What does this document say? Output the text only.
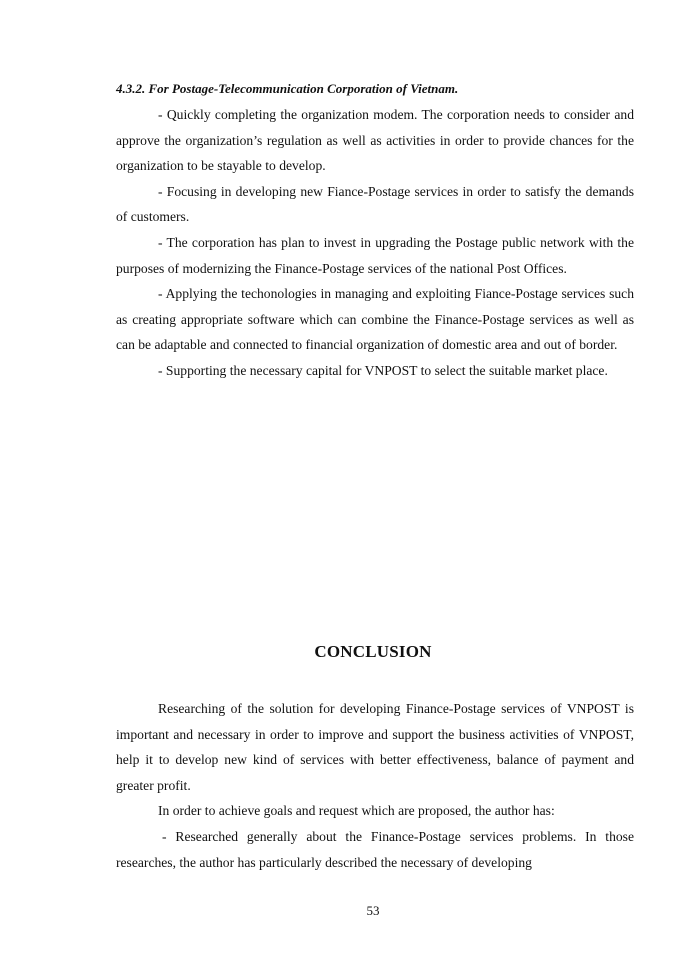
4.3.2. For Postage-Telecommunication Corporation of Vietnam.

- Quickly completing the organization modem. The corporation needs to consider and approve the organization’s regulation as well as activities in order to provide chances for the organization to be stayable to develop.

- Focusing in developing new Fiance-Postage services in order to satisfy the demands of customers.

- The corporation has plan to invest in upgrading the Postage public network with the purposes of modernizing the Finance-Postage services of the national Post Offices.

- Applying the techonologies in managing and exploiting Fiance-Postage services such as creating appropriate software which can combine the Finance-Postage services as well as can be adaptable and connected to financial organization of domestic area and out of border.

- Supporting the necessary capital for VNPOST to select the suitable market place.

CONCLUSION

Researching of the solution for developing Finance-Postage services of VNPOST is important and necessary in order to improve and support the business activities of VNPOST, help it to develop new kind of services with better effectiveness, balance of payment and greater profit.

In order to achieve goals and request which are proposed, the author has:

- Researched generally about the Finance-Postage services problems. In those researches, the author has particularly described the necessary of developing

53
